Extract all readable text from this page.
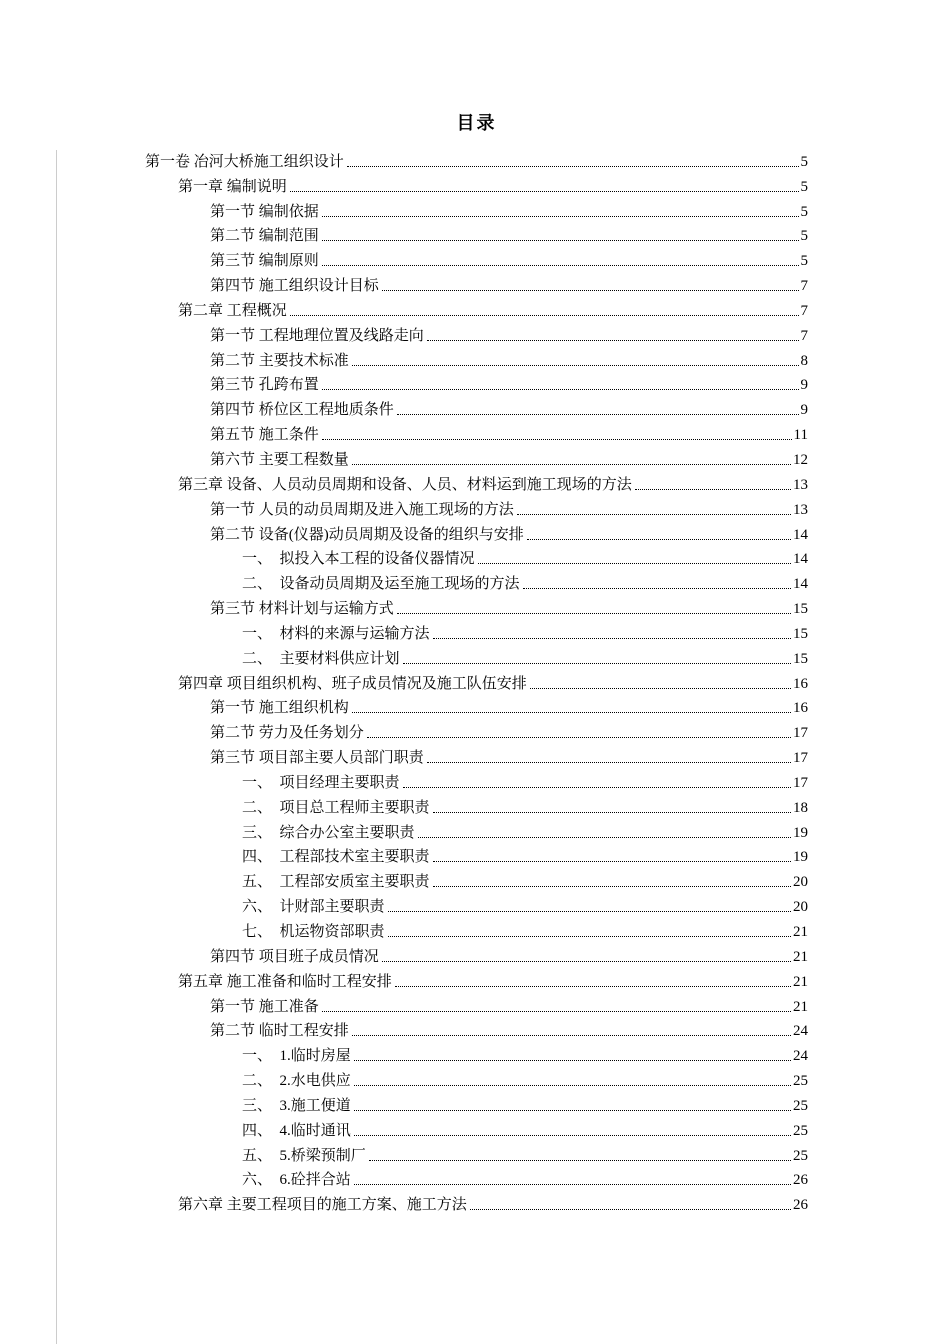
目录
第一卷 冶河大桥施工组织设计	5
第一章 编制说明	5
第一节 编制依据	5
第二节 编制范围	5
第三节 编制原则	5
第四节 施工组织设计目标	7
第二章 工程概况	7
第一节 工程地理位置及线路走向	7
第二节 主要技术标准	8
第三节 孔跨布置	9
第四节 桥位区工程地质条件	9
第五节 施工条件	11
第六节 主要工程数量	12
第三章 设备、人员动员周期和设备、人员、材料运到施工现场的方法	13
第一节 人员的动员周期及进入施工现场的方法	13
第二节 设备(仪器)动员周期及设备的组织与安排	14
一、　拟投入本工程的设备仪器情况	14
二、　设备动员周期及运至施工现场的方法	14
第三节 材料计划与运输方式	15
一、　材料的来源与运输方法	15
二、　主要材料供应计划	15
第四章 项目组织机构、班子成员情况及施工队伍安排	16
第一节 施工组织机构	16
第二节 劳力及任务划分	17
第三节 项目部主要人员部门职责	17
一、　项目经理主要职责	17
二、　项目总工程师主要职责	18
三、　综合办公室主要职责	19
四、　工程部技术室主要职责	19
五、　工程部安质室主要职责	20
六、　计财部主要职责	20
七、　机运物资部职责	21
第四节 项目班子成员情况	21
第五章 施工准备和临时工程安排	21
第一节 施工准备	21
第二节 临时工程安排	24
一、　1.临时房屋	24
二、　2.水电供应	25
三、　3.施工便道	25
四、　4.临时通讯	25
五、　5.桥梁预制厂	25
六、　6.砼拌合站	26
第六章 主要工程项目的施工方案、施工方法	26
